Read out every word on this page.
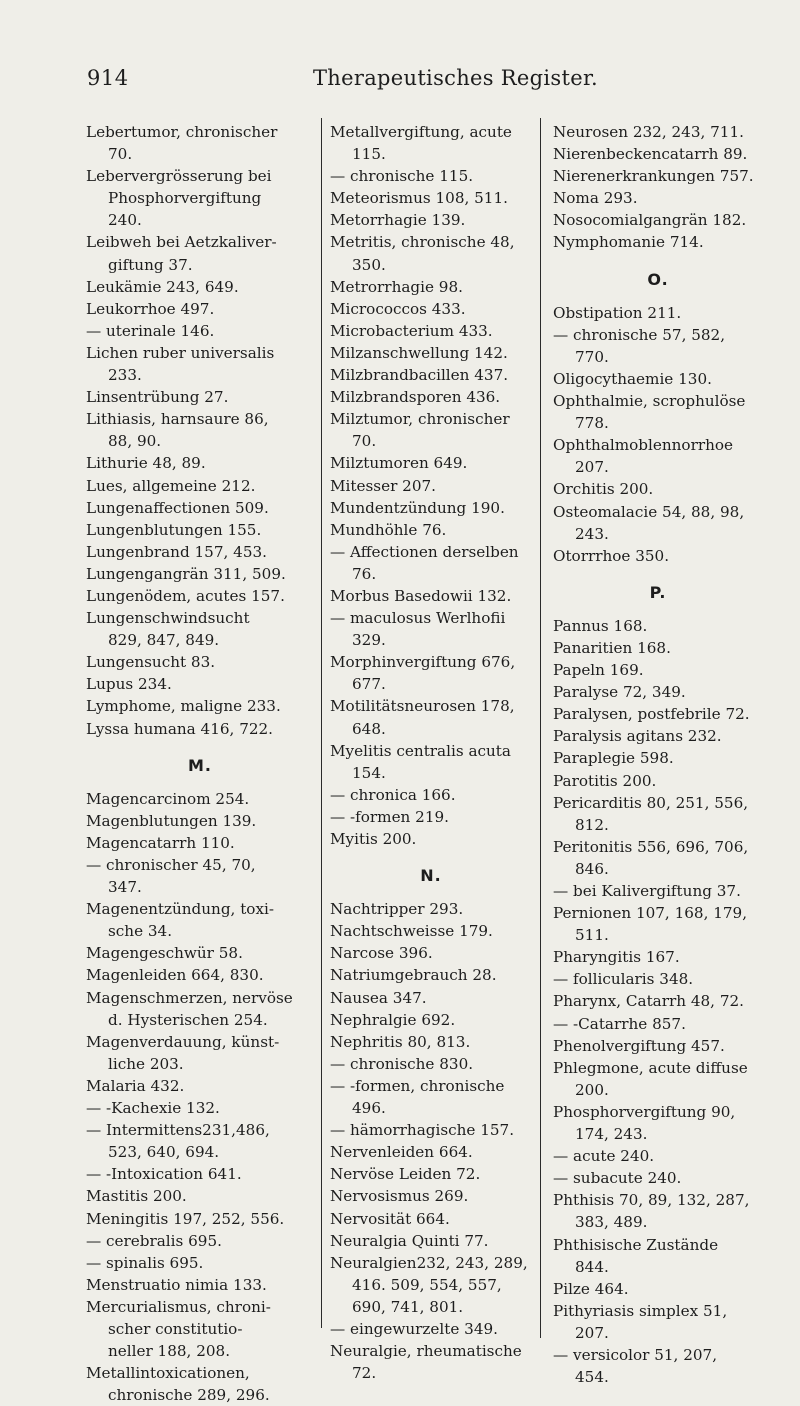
914	Therapeutisches Register.
Lebertumor, chronischer
70.
Lebervergrösserung bei
Phosphorvergiftung
240.
Leibweh bei Aetzkaliver-
giftung 37.
Leukämie 243, 649.
Leukorrhoe 497.
— uterinale 146.
Lichen ruber universalis
233.
Linsentrübung 27.
Lithiasis, harnsaure 86,
88, 90.
Lithurie 48, 89.
Lues, allgemeine 212.
Lungenaffectionen 509.
Lungenblutungen 155.
Lungenbrand 157, 453.
Lungengangrän 311, 509.
Lungenödem, acutes 157.
Lungenschwindsucht
829, 847, 849.
Lungensucht 83.
Lupus 234.
Lymphome, maligne 233.
Lyssa humana 416, 722.
M.
Magencarcinom 254.
Magenblutungen 139.
Magencatarrh 110.
— chronischer 45, 70,
347.
Magenentzündung, toxi-
sche 34.
Magengeschwür 58.
Magenleiden 664, 830.
Magenschmerzen, nervöse
d. Hysterischen 254.
Magenverdauung, künst-
liche 203.
Malaria 432.
— -Kachexie 132.
— Intermittens231,486,
523, 640, 694.
— -Intoxication 641.
Mastitis 200.
Meningitis 197, 252, 556.
— cerebralis 695.
— spinalis 695.
Menstruatio nimia 133.
Mercurialismus, chroni-
scher constitutio-
neller 188, 208.
Metallintoxicationen,
chronische 289, 296.
Metallvergiftung, acute
115.
— chronische 115.
Meteorismus 108, 511.
Metorrhagie 139.
Metritis, chronische 48,
350.
Metrorrhagie 98.
Micrococcos 433.
Microbacterium 433.
Milzanschwellung 142.
Milzbrandbacillen 437.
Milzbrandsporen 436.
Milztumor, chronischer
70.
Milztumoren 649.
Mitesser 207.
Mundentzündung 190.
Mundhöhle 76.
— Affectionen derselben
76.
Morbus Basedowii 132.
— maculosus Werlhofii
329.
Morphinvergiftung 676,
677.
Motilitätsneurosen 178,
648.
Myelitis centralis acuta
154.
— chronica 166.
— -formen 219.
Myitis 200.
N.
Nachtripper 293.
Nachtschweisse 179.
Narcose 396.
Natriumgebrauch 28.
Nausea 347.
Nephralgie 692.
Nephritis 80, 813.
— chronische 830.
— -formen, chronische
496.
— hämorrhagische 157.
Nervenleiden 664.
Nervöse Leiden 72.
Nervosismus 269.
Nervosität 664.
Neuralgia Quinti 77.
Neuralgien232, 243, 289,
416. 509, 554, 557,
690, 741, 801.
— eingewurzelte 349.
Neuralgie, rheumatische
72.
Neurosen 232, 243, 711.
Nierenbeckencatarrh 89.
Nierenerkrankungen 757.
Noma 293.
Nosocomialgangrän 182.
Nymphomanie 714.
O.
Obstipation 211.
— chronische 57, 582,
770.
Oligocythaemie 130.
Ophthalmie, scrophulöse
778.
Ophthalmoblennorrhoe
207.
Orchitis 200.
Osteomalacie 54, 88, 98,
243.
Otorrrhoe 350.
P.
Pannus 168.
Panaritien 168.
Papeln 169.
Paralyse 72, 349.
Paralysen, postfebrile 72.
Paralysis agitans 232.
Paraplegie 598.
Parotitis 200.
Pericarditis 80, 251, 556,
812.
Peritonitis 556, 696, 706,
846.
— bei Kalivergiftung 37.
Pernionen 107, 168, 179,
511.
Pharyngitis 167.
— follicularis 348.
Pharynx, Catarrh 48, 72.
— -Catarrhe 857.
Phenolvergiftung 457.
Phlegmone, acute diffuse
200.
Phosphorvergiftung 90,
174, 243.
— acute 240.
— subacute 240.
Phthisis 70, 89, 132, 287,
383, 489.
Phthisische Zustände
844.
Pilze 464.
Pithyriasis simplex 51,
207.
— versicolor 51, 207,
454.
